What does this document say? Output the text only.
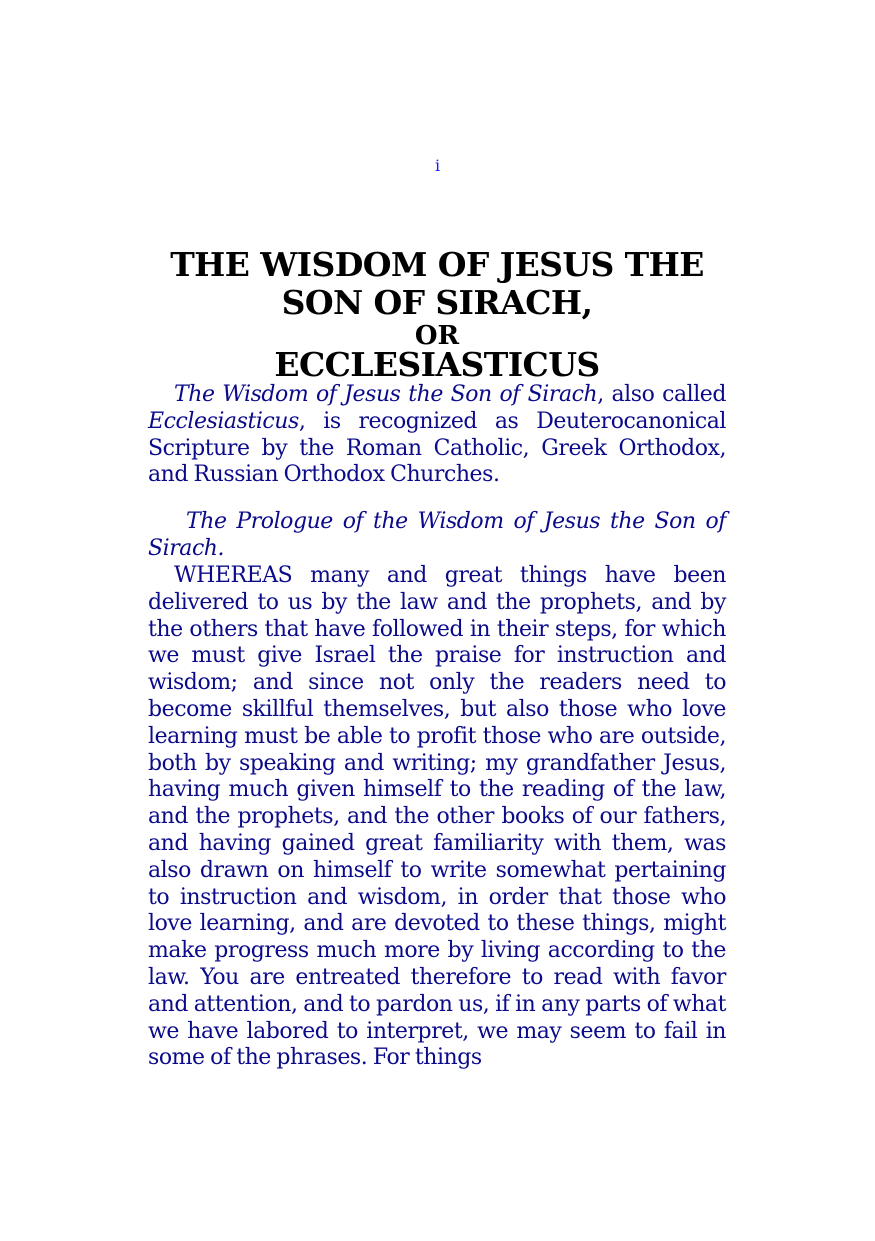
i
THE WISDOM OF JESUS THE
SON OF SIRACH,
OR
ECCLESIASTICUS

The Wisdom of Jesus the Son of Sirach, also called Ecclesiasticus, is recognized as Deuterocanonical Scripture by the Roman Catholic, Greek Orthodox, and Russian Orthodox Churches.

The Prologue of the Wisdom of Jesus the Son of Sirach.

WHEREAS many and great things have been delivered to us by the law and the prophets, and by the others that have followed in their steps, for which we must give Israel the praise for instruction and wisdom; and since not only the readers need to become skillful themselves, but also those who love learning must be able to profit those who are outside, both by speaking and writing; my grandfather Jesus, having much given himself to the reading of the law, and the prophets, and the other books of our fathers, and having gained great familiarity with them, was also drawn on himself to write somewhat pertaining to instruction and wisdom, in order that those who love learning, and are devoted to these things, might make progress much more by living according to the law. You are entreated therefore to read with favor and attention, and to pardon us, if in any parts of what we have labored to interpret, we may seem to fail in some of the phrases. For things
